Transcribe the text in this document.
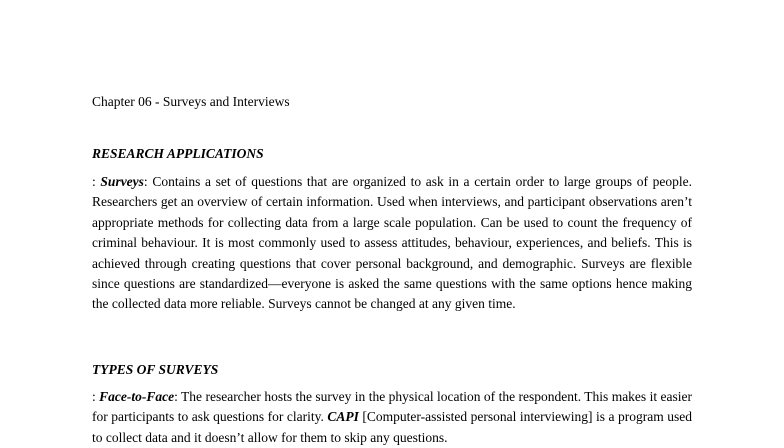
Chapter 06 - Surveys and Interviews
RESEARCH APPLICATIONS
: Surveys: Contains a set of questions that are organized to ask in a certain order to large groups of people. Researchers get an overview of certain information. Used when interviews, and participant observations aren’t appropriate methods for collecting data from a large scale population. Can be used to count the frequency of criminal behaviour. It is most commonly used to assess attitudes, behaviour, experiences, and beliefs. This is achieved through creating questions that cover personal background, and demographic. Surveys are flexible since questions are standardized—everyone is asked the same questions with the same options hence making the collected data more reliable. Surveys cannot be changed at any given time.
TYPES OF SURVEYS
: Face-to-Face: The researcher hosts the survey in the physical location of the respondent. This makes it easier for participants to ask questions for clarity. CAPI [Computer-assisted personal interviewing] is a program used to collect data and it doesn’t allow for them to skip any questions.
